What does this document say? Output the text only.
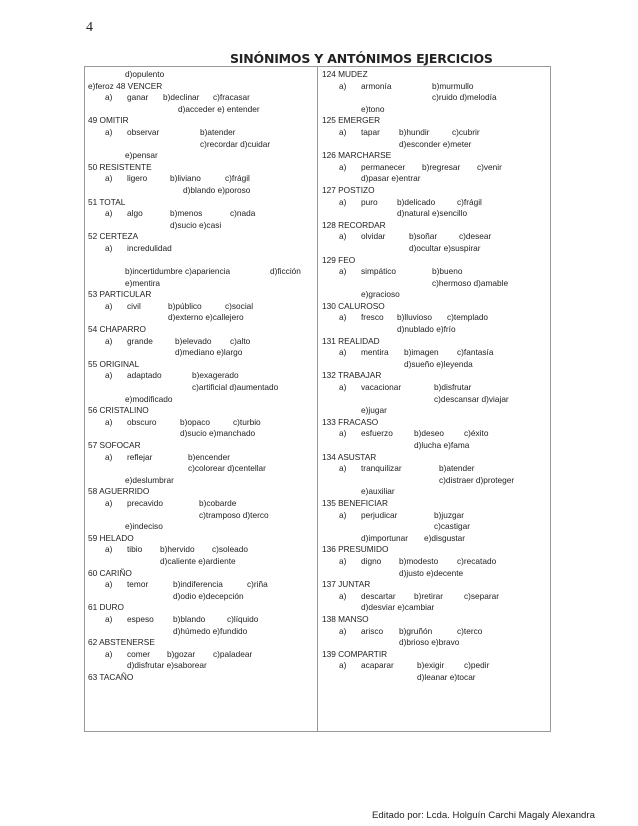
4
SINÓNIMOS Y ANTÓNIMOS EJERCICIOS
d)opulento
e)feroz 48 VENCER
a) ganar b)declinar c)fracasar
d)acceder e) entender
49 OMITIR
a) observar	b)atender
c)recordar d)cuidar
e)pensar
50 RESISTENTE
a) ligero	b)liviano	c)frágil
d)blando e)poroso
51 TOTAL
a) algo	b)menos	c)nada
d)sucio e)casi
52 CERTEZA
a) incredulidad
b)incertidumbre c)apariencia	d)ficción
e)mentira
53 PARTICULAR
a) civil	b)público	c)social
d)externo e)callejero
54 CHAPARRO
a) grande	b)elevado c)alto
d)mediano e)largo
55 ORIGINAL
a) adaptado	b)exagerado
c)artificial d)aumentado
e)modificado
56 CRISTALINO
a) obscuro	b)opaco	c)turbio
d)sucio e)manchado
57 SOFOCAR
a) reflejar	b)encender
c)colorear d)centellar
e)deslumbrar
58 AGUERRIDO
a) precavido	b)cobarde
c)tramposo d)terco
e)indeciso
59 HELADO
a) tibio b)hervido c)soleado
d)caliente e)ardiente
60 CARIÑO
a) temor	b)indiferencia	c)riña
d)odio e)decepción
61 DURO
a) espeso b)blando	c)líquido
d)húmedo e)fundido
62 ABSTENERSE
a) comer b)gozar c)paladear
d)disfrutar e)saborear
63 TACAÑO
124 MUDEZ
a) armonía	b)murmullo
c)ruido d)melodía
e)tono
125 EMERGER
a) tapar b)hundir	c)cubrir
d)esconder e)meter
126 MARCHARSE
a) permanecer b)regresar c)venir
d)pasar e)entrar
127 POSTIZO
a) puro b)delicado	c)frágil
d)natural e)sencillo
128 RECORDAR
a) olvidar	b)soñar	c)desear
d)ocultar e)suspirar
129 FEO
a) simpático	b)bueno
c)hermoso d)amable
e)gracioso
130 CALUROSO
a) fresco b)lluvioso c)templado
d)nublado e)frío
131 REALIDAD
a) mentira b)imagen c)fantasía
d)sueño e)leyenda
132 TRABAJAR
a) vacacionar	b)disfrutar
c)descansar d)viajar
e)jugar
133 FRACASO
a) esfuerzo	b)deseo c)éxito
d)lucha e)fama
134 ASUSTAR
a) tranquilizar	b)atender
c)distraer d)proteger
e)auxiliar
135 BENEFICIAR
a) perjudicar	b)juzgar
c)castigar
d)importunar e)disgustar
136 PRESUMIDO
a) digno b)modesto c)recatado
d)justo e)decente
137 JUNTAR
a) descartar b)retirar	c)separar
d)desviar e)cambiar
138 MANSO
a) arisco b)gruñón	c)terco
d)brioso e)bravo
139 COMPARTIR
a) acaparar	b)exigir c)pedir
d)leanar e)tocar
Editado por: Lcda. Holguín Carchi Magaly Alexandra
